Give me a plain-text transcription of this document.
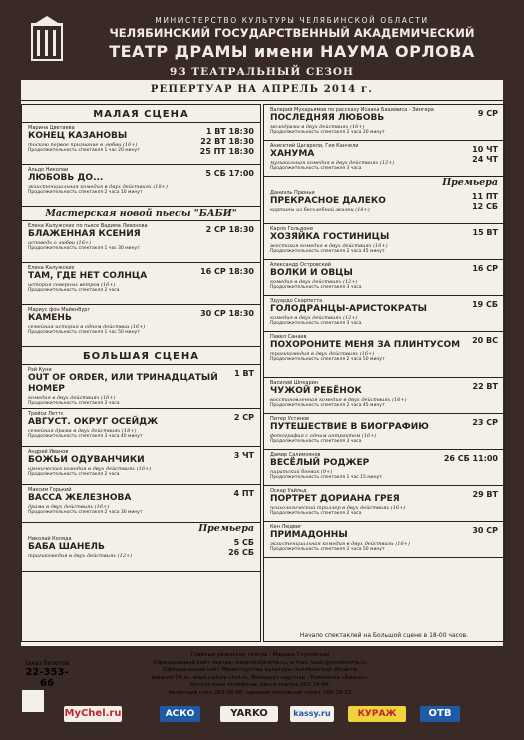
МИНИСТЕРСТВО КУЛЬТУРЫ ЧЕЛЯБИНСКОЙ ОБЛАСТИ
ЧЕЛЯБИНСКИЙ ГОСУДАРСТВЕННЫЙ АКАДЕМИЧЕСКИЙ
ТЕАТР ДРАМЫ имени НАУМА ОРЛОВА
93 ТЕАТРАЛЬНЫЙ СЕЗОН
РЕПЕРТУАР НА АПРЕЛЬ 2014 г.
МАЛАЯ СЦЕНА
Марина Цветаева
КОНЕЦ КАЗАНОВЫ
тоскою первое признание в любви (16+)
Продолжительность спектакля 1 час 20 минут
1 ВТ 18:30
22 ВТ 18:30
25 ПТ 18:30
Альдо Николаи
ЛЮБОВЬ ДО...
экзистенциальная комедия в двух действиях (18+)
Продолжительность спектакля 2 часа 10 минут
5 СБ 17:00
Мастерская новой пьесы "БАБИ"
Елена Калужских по пьесе Вадима Левонова
БЛАЖЕННАЯ КСЕНИЯ
исповедь о любви (16+)
Продолжительность спектакля 1 час 30 минут
2 СР 18:30
Елена Калужских
ТАМ, ГДЕ НЕТ СОЛНЦА
история северных ветров (16+)
Продолжительность спектакля 2 часа
16 СР 18:30
Мариус фон Майенбург
КАМЕНЬ
семейная история в одном действии (16+)
Продолжительность спектакля 1 час 50 минут
30 СР 18:30
БОЛЬШАЯ СЦЕНА
Рэй Куни
OUT OF ORDER, ИЛИ ТРИНАДЦАТЫЙ НОМЕР
комедия в двух действиях (16+)
Продолжительность спектакля 3 часа
1 ВТ
Трейси Леттс
АВГУСТ. ОКРУГ ОСЕЙДЖ
семейная драма в двух действиях (18+)
Продолжительность спектакля 3 часа 40 минут
2 СР
Андрей Иванов
БОЖЬИ ОДУВАНЧИКИ
ироническая комедия в двух действиях (16+)
Продолжительность спектакля 2 часа
3 ЧТ
Максим Горький
ВАССА ЖЕЛЕЗНОВА
драма в двух действиях (16+)
Продолжительность спектакля 2 часа 30 минут
4 ПТ
Премьера
Николай Коляда
БАБА ШАНЕЛЬ
трагикомедия в двух действиях (12+)
5 СБ
26 СБ
Валерий Мухарьямов по рассказу Исаака Башевиса - Зингера
ПОСЛЕДНЯЯ ЛЮБОВЬ
мелодрама в двух действиях (16+)
Продолжительность спектакля 2 часа 20 минут
9 СР
Анисетий Цагарели, Гия Канчели
ХАНУМА
музыкальная комедия в двух действиях (12+)
Продолжительность спектакля 3 часа
10 ЧТ
24 ЧТ
Премьера
Даниэль Прюньи
ПРЕКРАСНОЕ ДАЛЕКО
картины из бесхлебной жизни (18+)
11 ПТ
12 СБ
Карло Гольдони
ХОЗЯЙКА ГОСТИНИЦЫ
жестокая комедия в двух действиях (16+)
Продолжительность спектакля 2 часа 45 минут
15 ВТ
Александр Островский
ВОЛКИ И ОВЦЫ
комедия в двух действиях (12+)
Продолжительность спектакля 3 часа
16 СР
Эдуардо Скарпетта
ГОЛОДРАНЦЫ-АРИСТОКРАТЫ
комедия в двух действиях (12+)
Продолжительность спектакля 3 часа
19 СБ
Павел Санаев
ПОХОРОНИТЕ МЕНЯ ЗА ПЛИНТУСОМ
трагикомедия в двух действиях (16+)
Продолжительность спектакля 2 часа 50 минут
20 ВС
Василий Шпкарин
ЧУЖОЙ РЕБЁНОК
восстановленная комедия в двух действиях (16+)
Продолжительность спектакля 2 часа 45 минут
22 ВТ
Питер Устинов
ПУТЕШЕСТВИЕ В БИОГРАФИЮ
фотография с одним антрактом (16+)
Продолжительность спектакля 3 часа
23 СР
Дамир Салимзянов
ВЕСЁЛЫЙ РОДЖЕР
пиратский боевик (0+)
Продолжительность спектакля 1 час 15 минут
26 СБ 11:00
Оскар Уайльд
ПОРТРЕТ ДОРИАНА ГРЕЯ
психологический триллер в двух действиях (16+)
Продолжительность спектакля 2 часа
29 ВТ
Кен Людвиг
ПРИМАДОННЫ
экзистенциальная комедия в двух действиях (16+)
Продолжительность спектакля 2 часа 50 минут
30 СР
Начало спектаклей на Большой сцене в 18-00 часов.
заказ билетов
22-353-66
Главный режиссер театра - Марина Глуховская
Официальный сайт театра: www.cheldrama.ru, e-mail: teatr@cheldrama.ru
Официальный сайт Министерства культуры Челябинской области
www.mc74.ru, www.culture-chel.ru, Интернет-партнер - Компания «Бизнес»
Контактные телефоны: касса театра 263-74-84;
билетный стол 263-08-68; административный пункт 266-18-22
MyChel.ru	АСКО	YARKO	kassy.ru	КУРАЖ	ОТВ
